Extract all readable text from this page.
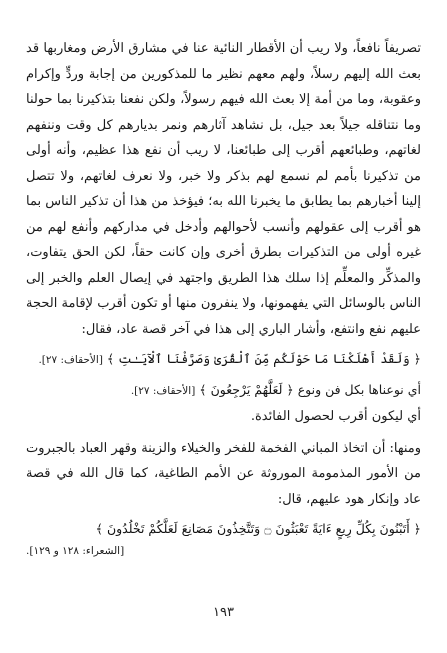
تصريفاً نافعاً، ولا ريب أن الأقطار النائية عنا في مشارق الأرض ومغاربها قد بعث الله إليهم رسلاً، ولهم معهم نظير ما للمذكورين من إجابة وردٍّ وإكرام وعقوبة، وما من أمة إلا بعث الله فيهم رسولاً، ولكن نفعنا بتذكيرنا بما حولنا وما نتناقله جيلاً بعد جيل، بل نشاهد آثارهم ونمر بديارهم كل وقت وننفهم لغاتهم، وطبائعهم أقرب إلى طبائعنا، لا ريب أن نفع هذا عظيم، وأنه أولى من تذكيرنا بأمم لم نسمع لهم بذكر ولا خبر، ولا نعرف لغاتهم، ولا تتصل إلينا أخبارهم بما يطابق ما يخبرنا الله به؛ فيؤخذ من هذا أن تذكير الناس بما هو أقرب إلى عقولهم وأنسب لأحوالهم وأدخل في مداركهم وأنفع لهم من غيره أولى من التذكيرات بطرق أخرى وإن كانت حقاً، لكن الحق يتفاوت، والمذكِّر والمعلِّم إذا سلك هذا الطريق واجتهد في إيصال العلم والخبر إلى الناس بالوسائل التي يفهمونها، ولا ينفرون منها أو تكون أقرب لإقامة الحجة عليهم نفع وانتفع، وأشار الباري إلى هذا في آخر قصة عاد، فقال:

﴿ وَلَقَدْ أَهْلَكْنَا مَا حَوْلَكُم مِّنَ ٱلْقُرَىٰ وَصَرَّفْنَا ٱلْآيَـٰتِ ﴾ [الأحقاف: ٢٧].

أي نوعناها بكل فن ونوع ﴿ لَعَلَّهُمْ يَرْجِعُونَ ﴾ [الأحقاف: ٢٧].

أي ليكون أقرب لحصول الفائدة.

ومنها: أن اتخاذ المباني الفخمة للفخر والخيلاء والزينة وقهر العباد بالجبروت من الأمور المذمومة الموروثة عن الأمم الطاغية، كما قال الله في قصة عاد وإنكار هود عليهم، قال:

﴿ أَتَبْنُونَ بِكُلِّ رِيعٍ ءَايَةً تَعْبَثُونَ ۝ وَتَتَّخِذُونَ مَصَانِعَ لَعَلَّكُمْ تَخْلُدُونَ ﴾

[الشعراء: ١٢٨ و ١٢٩].

١٩٣
